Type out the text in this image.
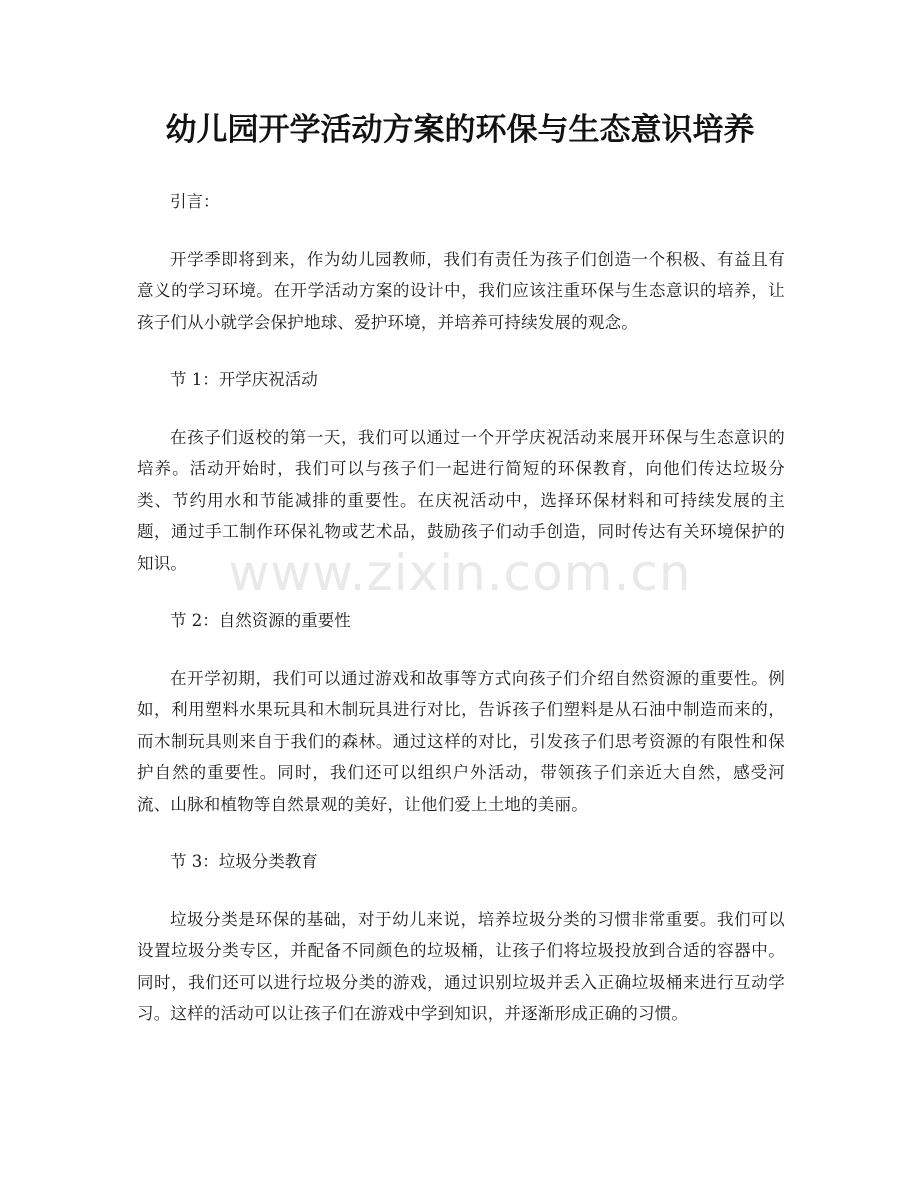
幼儿园开学活动方案的环保与生态意识培养

引言：

开学季即将到来，作为幼儿园教师，我们有责任为孩子们创造一个积极、有益且有意义的学习环境。在开学活动方案的设计中，我们应该注重环保与生态意识的培养，让孩子们从小就学会保护地球、爱护环境，并培养可持续发展的观念。

节 1：开学庆祝活动

在孩子们返校的第一天，我们可以通过一个开学庆祝活动来展开环保与生态意识的培养。活动开始时，我们可以与孩子们一起进行简短的环保教育，向他们传达垃圾分类、节约用水和节能减排的重要性。在庆祝活动中，选择环保材料和可持续发展的主题，通过手工制作环保礼物或艺术品，鼓励孩子们动手创造，同时传达有关环境保护的知识。

节 2：自然资源的重要性

在开学初期，我们可以通过游戏和故事等方式向孩子们介绍自然资源的重要性。例如，利用塑料水果玩具和木制玩具进行对比，告诉孩子们塑料是从石油中制造而来的，而木制玩具则来自于我们的森林。通过这样的对比，引发孩子们思考资源的有限性和保护自然的重要性。同时，我们还可以组织户外活动，带领孩子们亲近大自然，感受河流、山脉和植物等自然景观的美好，让他们爱上土地的美丽。

节 3：垃圾分类教育

垃圾分类是环保的基础，对于幼儿来说，培养垃圾分类的习惯非常重要。我们可以设置垃圾分类专区，并配备不同颜色的垃圾桶，让孩子们将垃圾投放到合适的容器中。同时，我们还可以进行垃圾分类的游戏，通过识别垃圾并丢入正确垃圾桶来进行互动学习。这样的活动可以让孩子们在游戏中学到知识，并逐渐形成正确的习惯。

www.zixin.com.cn
